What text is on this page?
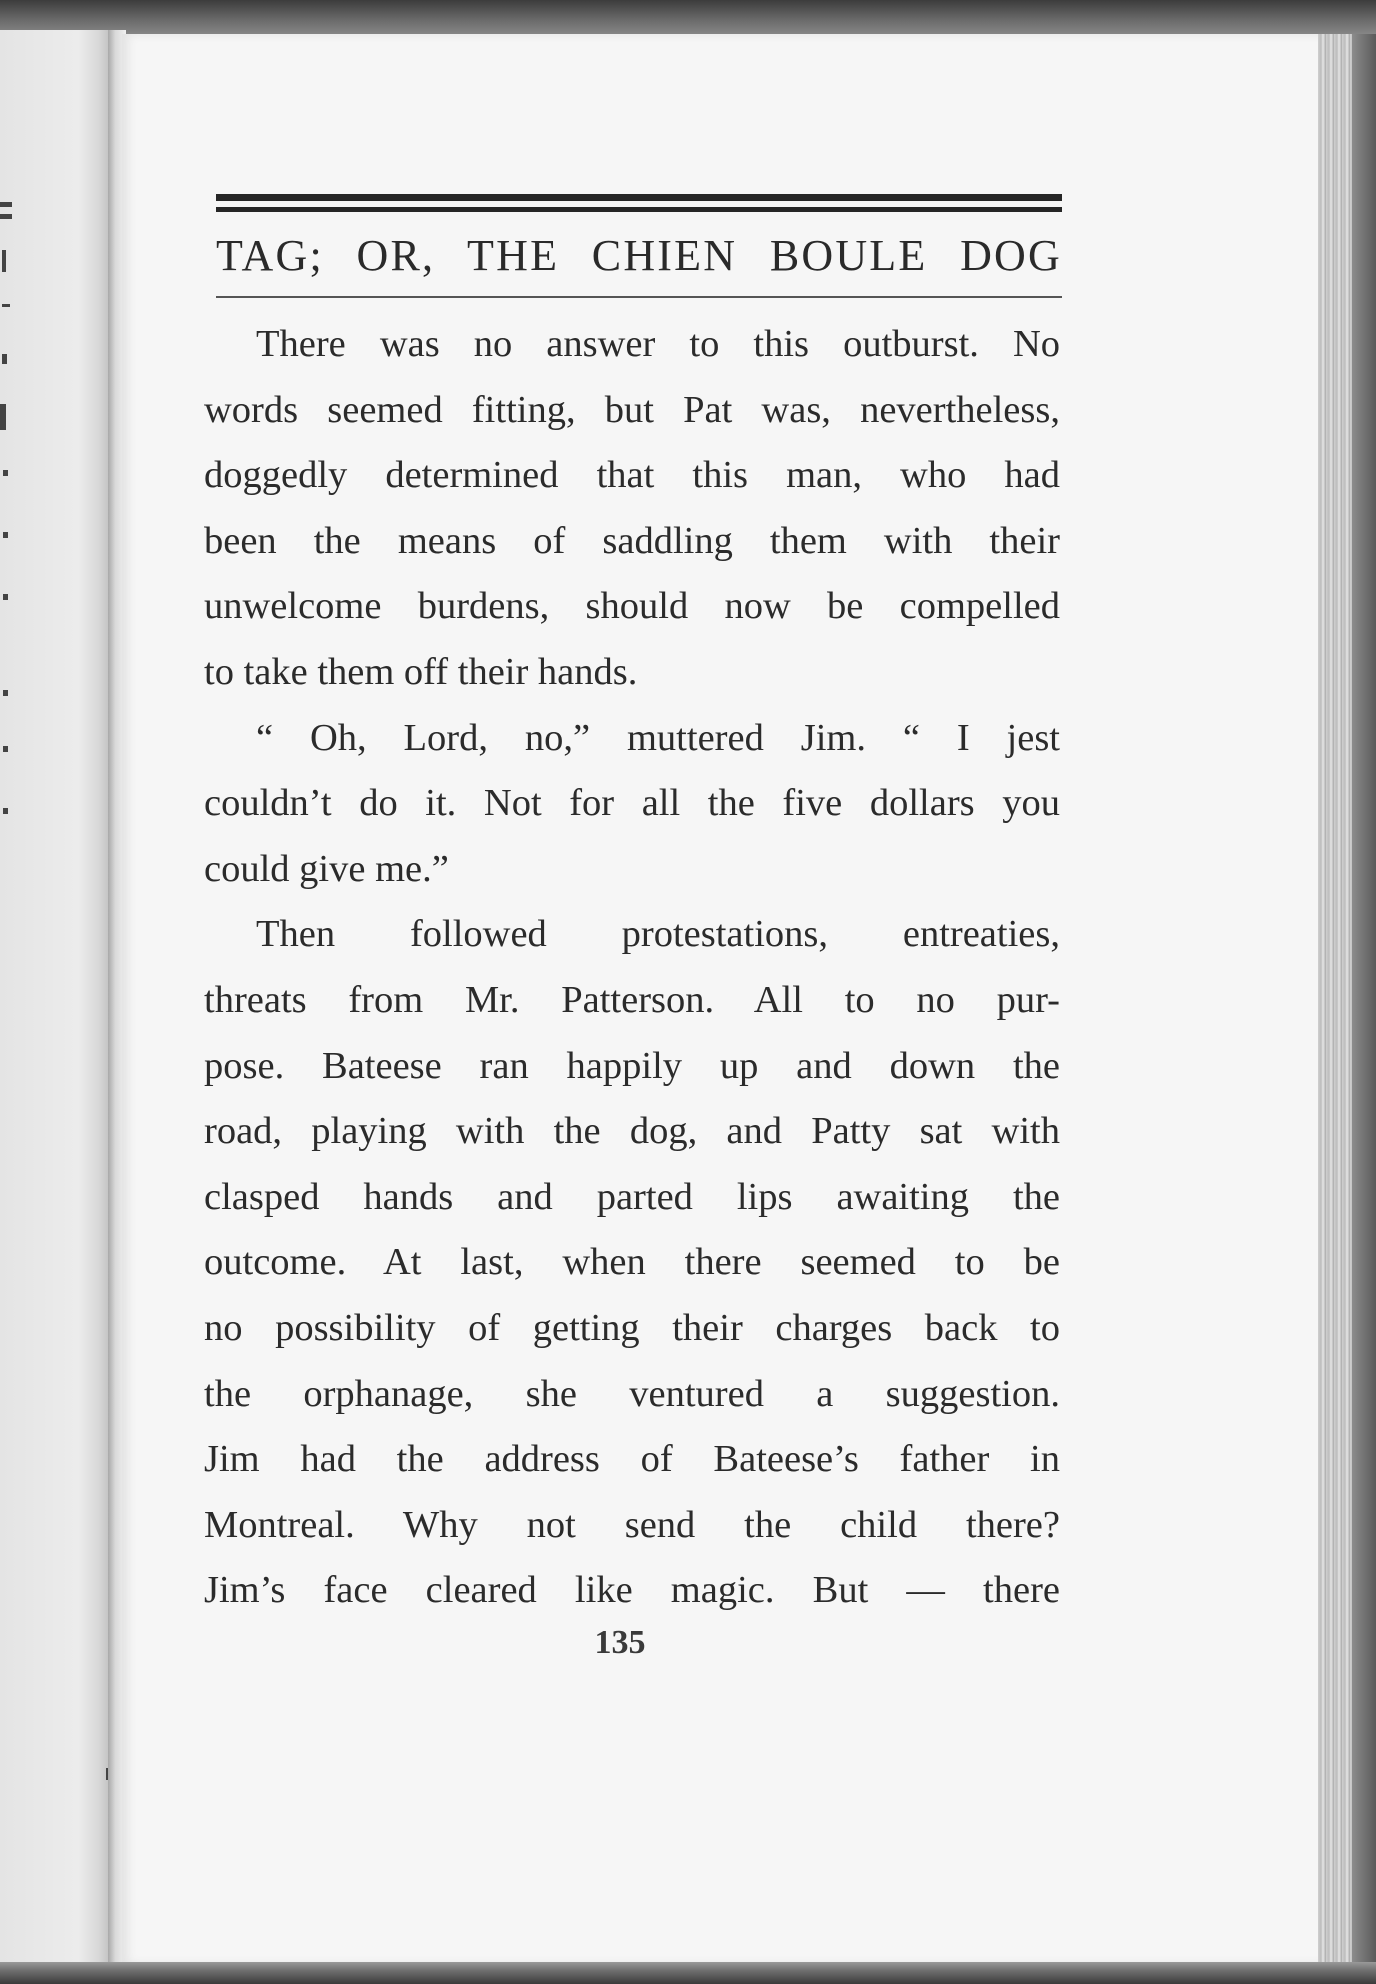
TAG; OR, THE CHIEN BOULE DOG
There was no answer to this outburst. No
words seemed fitting, but Pat was, nevertheless,
doggedly determined that this man, who had
been the means of saddling them with their
unwelcome burdens, should now be compelled
to take them off their hands.
“ Oh, Lord, no,” muttered Jim. “ I jest
couldn’t do it. Not for all the five dollars you
could give me.”
Then followed protestations, entreaties,
threats from Mr. Patterson. All to no pur-
pose. Bateese ran happily up and down the
road, playing with the dog, and Patty sat with
clasped hands and parted lips awaiting the
outcome. At last, when there seemed to be
no possibility of getting their charges back to
the orphanage, she ventured a suggestion.
Jim had the address of Bateese’s father in
Montreal. Why not send the child there?
Jim’s face cleared like magic. But — there
135
